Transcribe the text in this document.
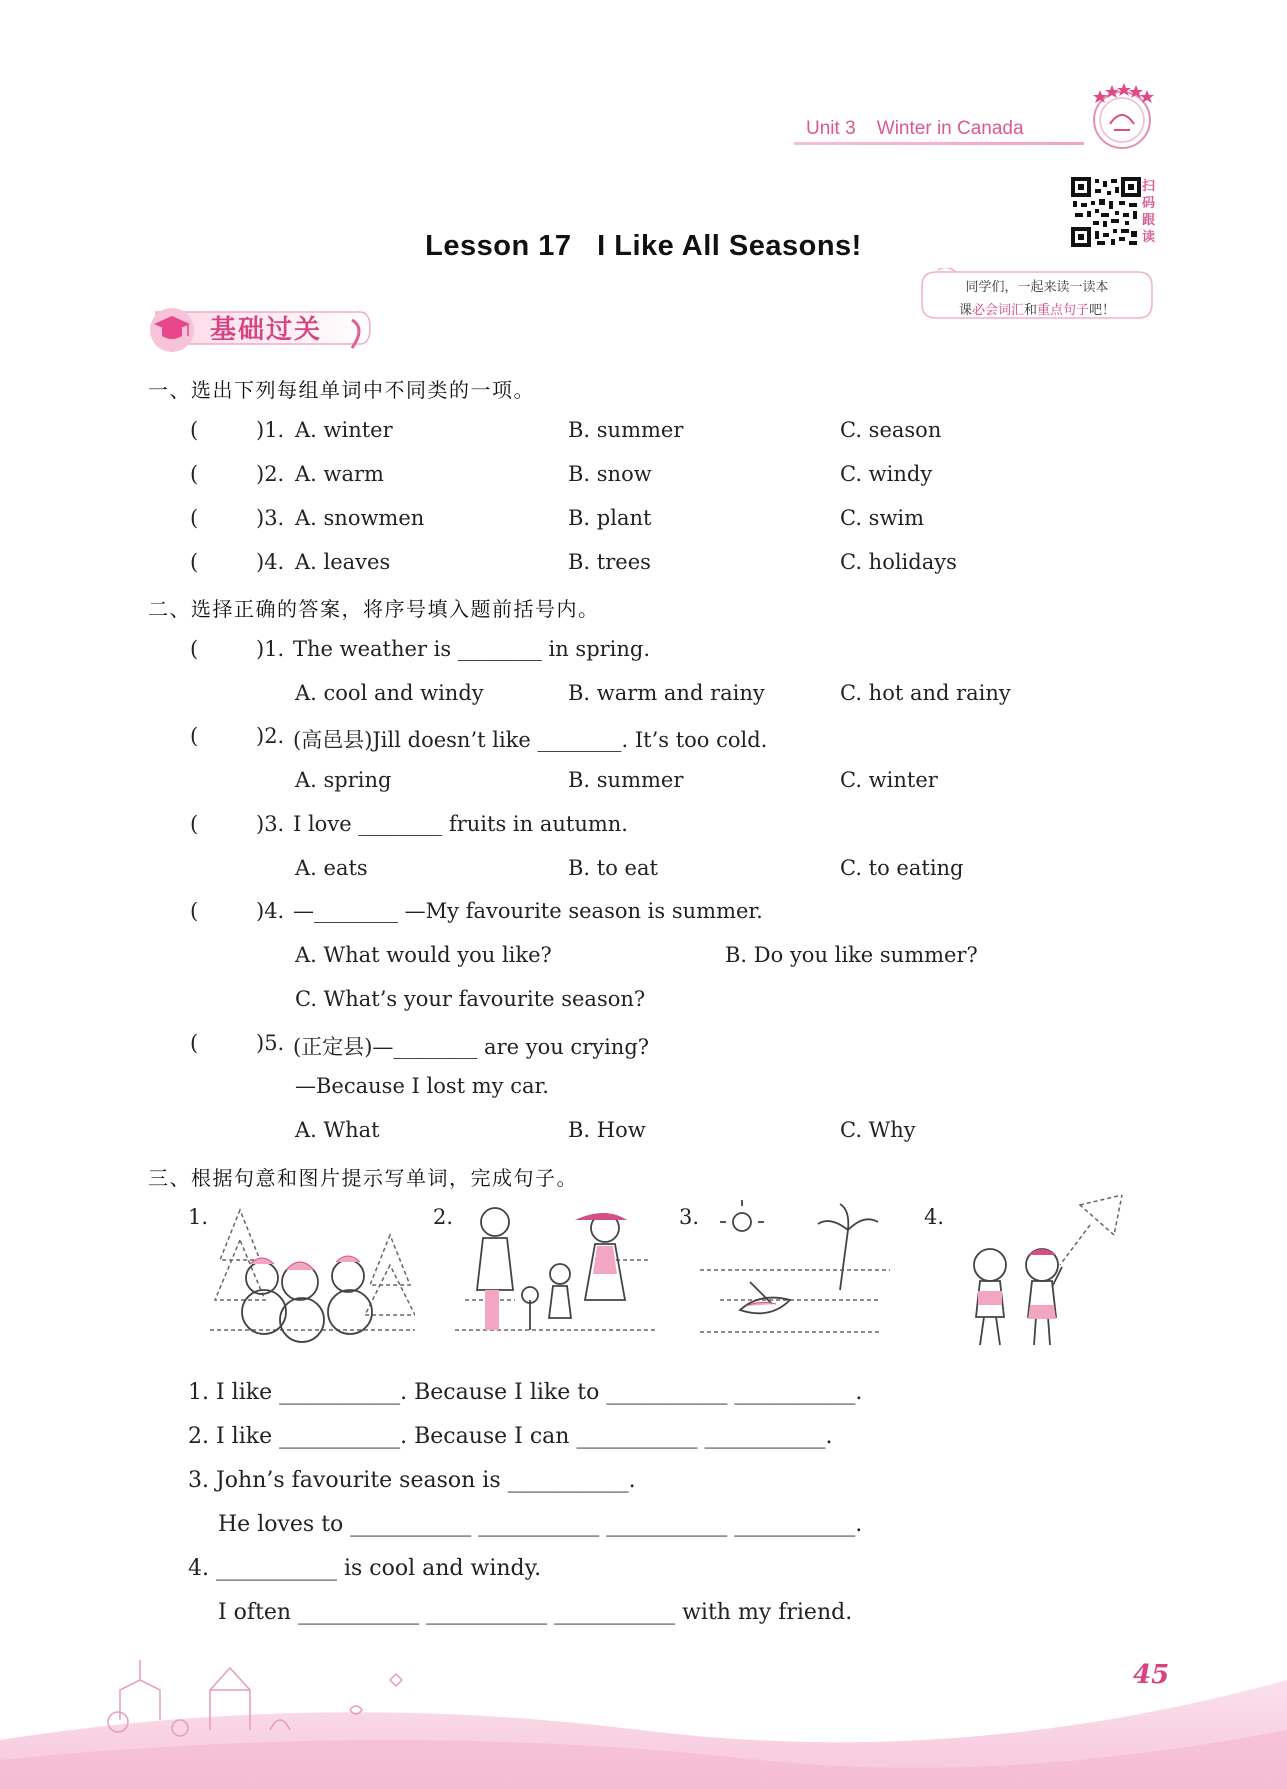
Unit 3 Winter in Canada
扫码跟读
Lesson 17   I Like All Seasons!
同学们，一起来读一读本
课必会词汇和重点句子吧！
基础过关
一、选出下列每组单词中不同类的一项。
(	)1. A. winter	B. summer	C. season
(	)2. A. warm	B. snow	C. windy
(	)3. A. snowmen	B. plant	C. swim
(	)4. A. leaves	B. trees	C. holidays
二、选择正确的答案，将序号填入题前括号内。
(	)1. The weather is ________ in spring.
A. cool and windy	B. warm and rainy	C. hot and rainy
(	)2. (高邑县)Jill doesn’t like ________. It’s too cold.
A. spring	B. summer	C. winter
(	)3. I love ________ fruits in autumn.
A. eats	B. to eat	C. to eating
(	)4. —________ —My favourite season is summer.
A. What would you like?	B. Do you like summer?
C. What’s your favourite season?
(	)5. (正定县)—________ are you crying?
—Because I lost my car.
A. What	B. How	C. Why
三、根据句意和图片提示写单词，完成句子。
1.	2.	3.	4.
1. I like ___________. Because I like to ___________ ___________.
2. I like ___________. Because I can ___________ ___________.
3. John’s favourite season is ___________.
He loves to ___________ ___________ ___________ ___________.
4. ___________ is cool and windy.
I often ___________ ___________ ___________ with my friend.
45
